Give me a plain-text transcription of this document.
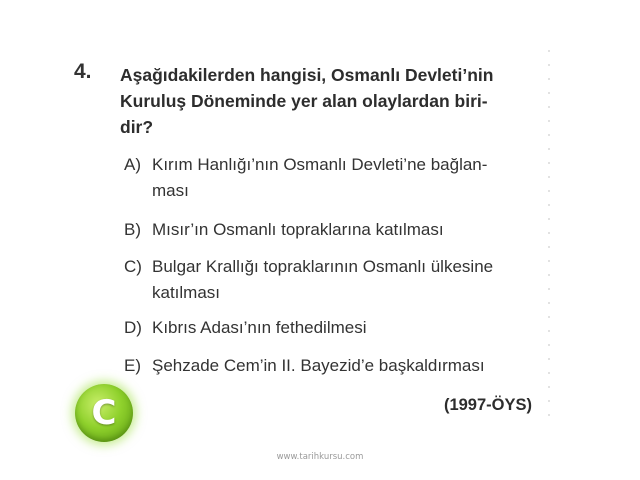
4. Aşağıdakilerden hangisi, Osmanlı Devleti’nin
Kuruluş Döneminde yer alan olaylardan biri-
dir?
A) Kırım Hanlığı’nın Osmanlı Devleti’ne bağlan-
ması
B) Mısır’ın Osmanlı topraklarına katılması
C) Bulgar Krallığı topraklarının Osmanlı ülkesine
katılması
D) Kıbrıs Adası’nın fethedilmesi
E) Şehzade Cem’in II. Bayezid’e başkaldırması
C	(1997-ÖYS)
www.tarihkursu.com
